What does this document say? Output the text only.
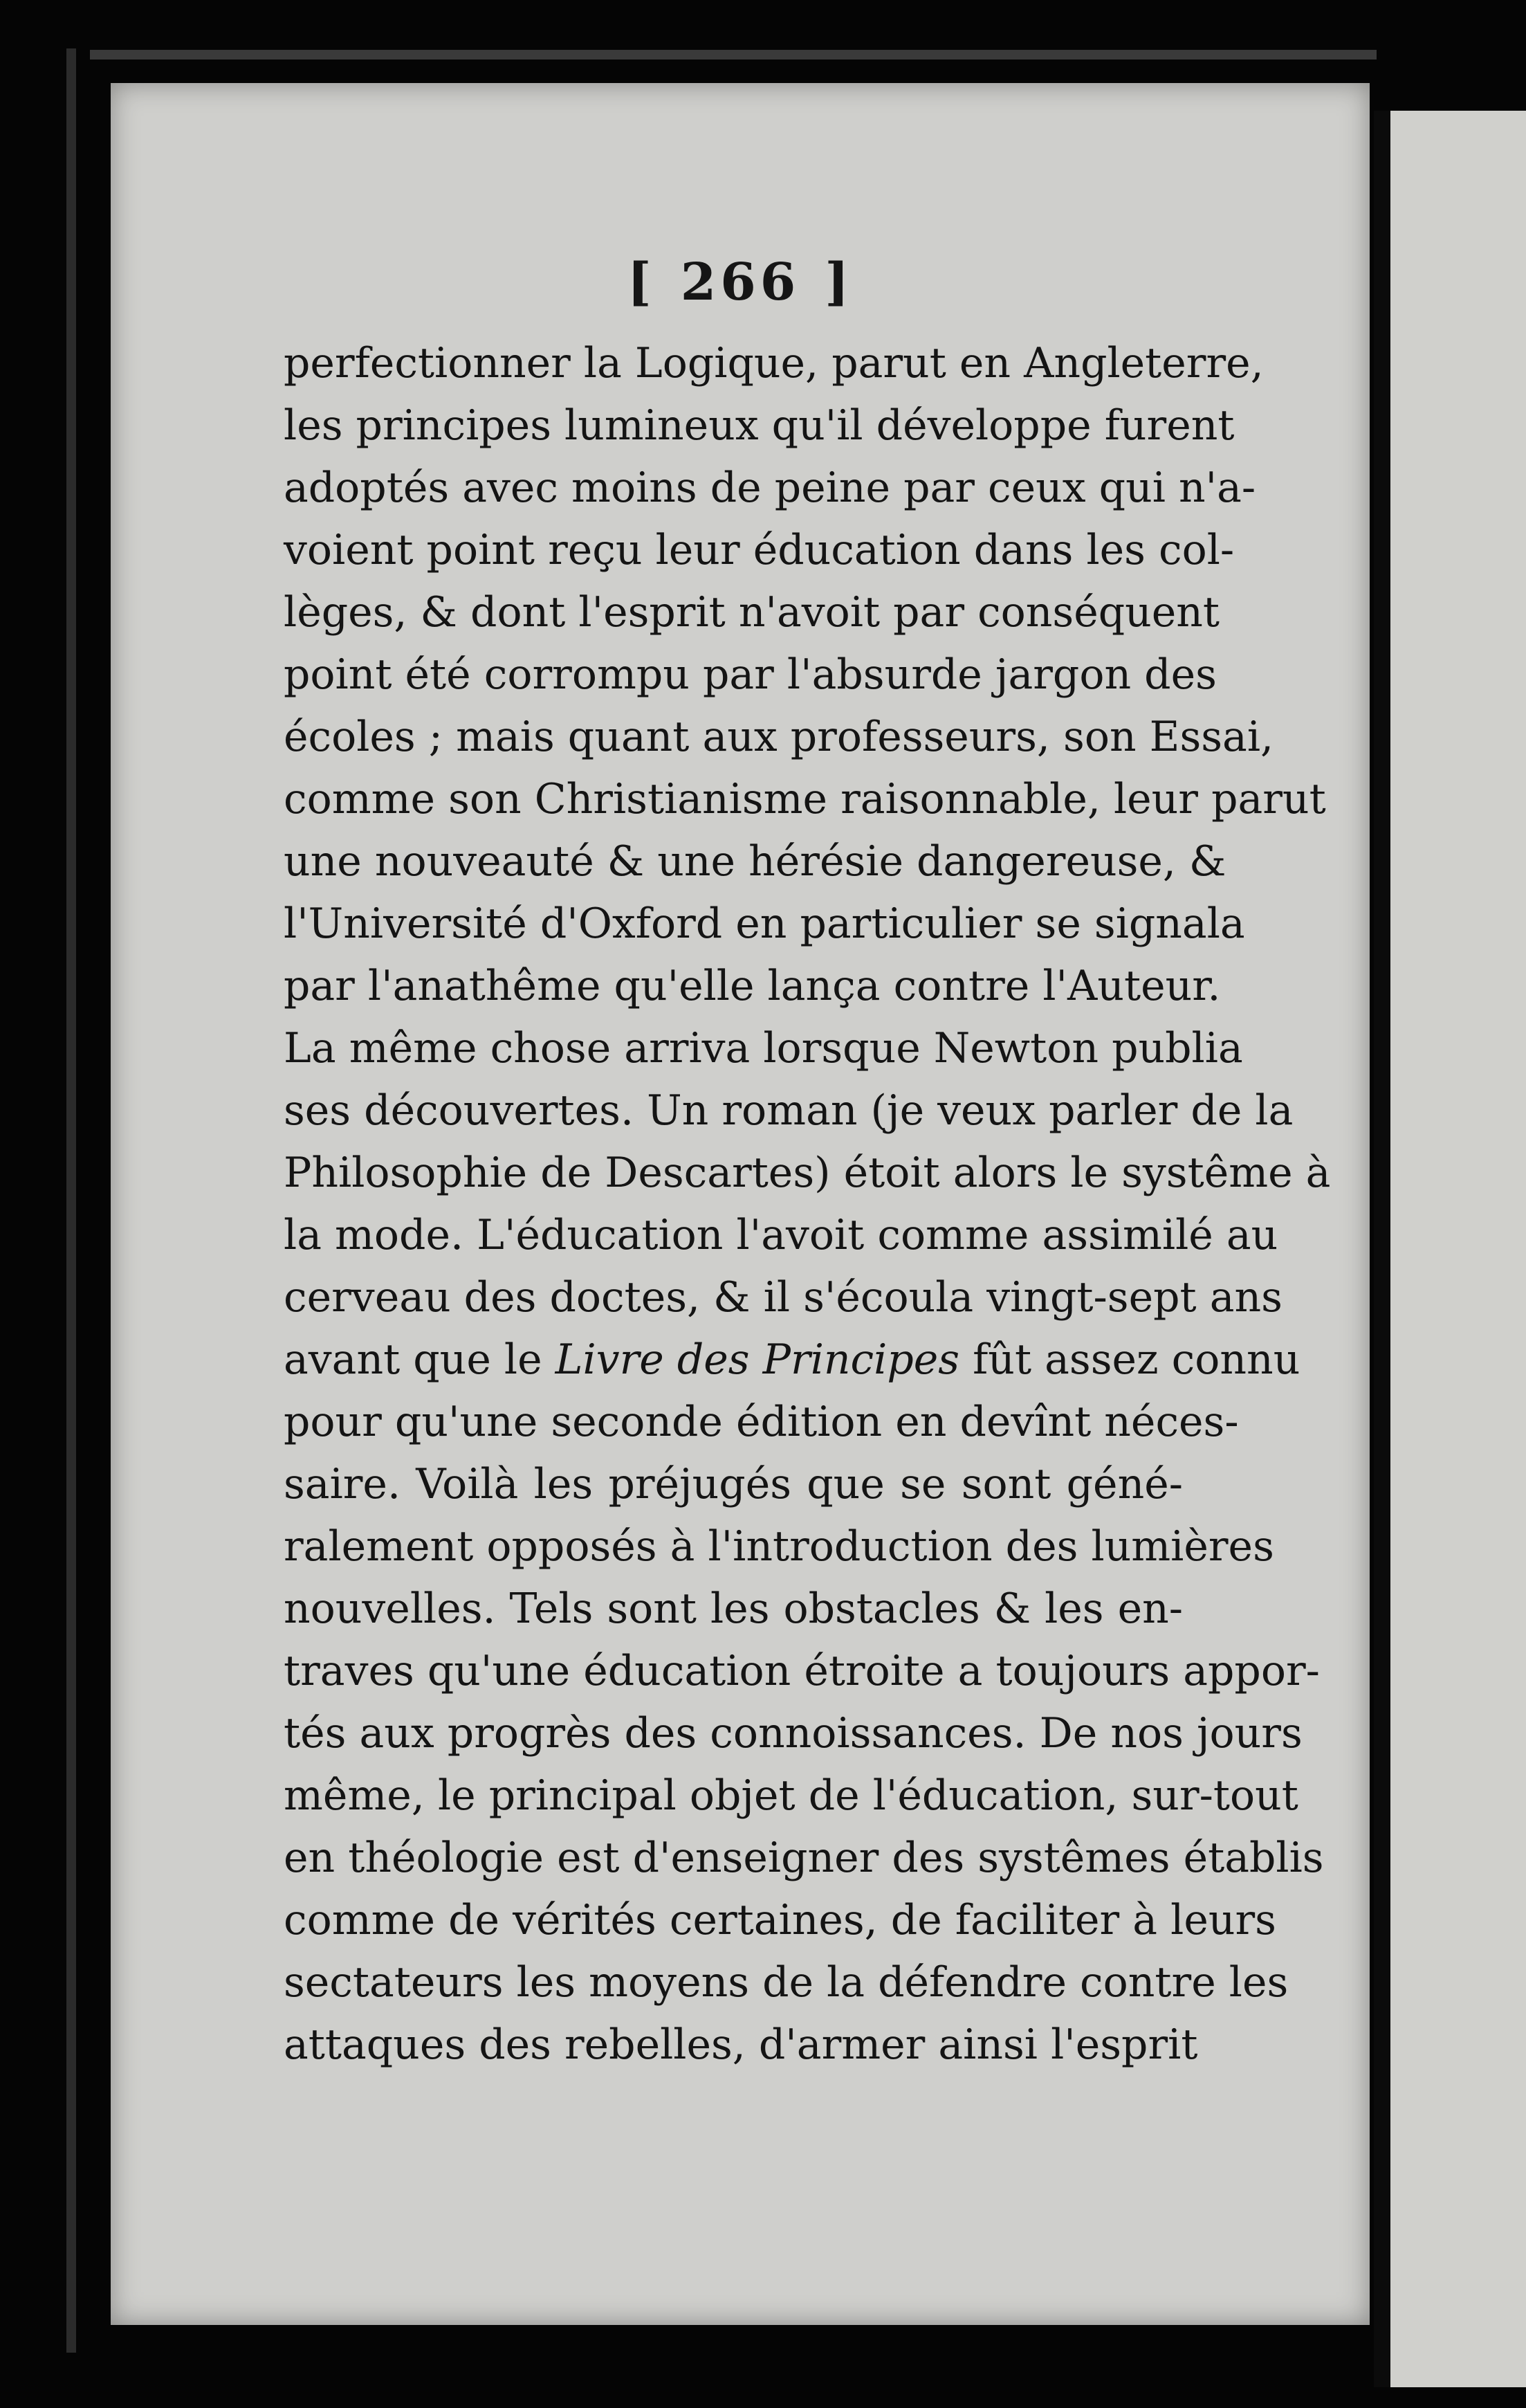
[ 266 ]
perfectionner la Logique, parut en Angleterre,
les principes lumineux qu'il développe furent
adoptés avec moins de peine par ceux qui n'a-
voient point reçu leur éducation dans les col-
lèges, & dont l'esprit n'avoit par conséquent
point été corrompu par l'absurde jargon des
écoles ; mais quant aux professeurs, son Essai,
comme son Christianisme raisonnable, leur parut
une nouveauté & une hérésie dangereuse, &
l'Université d'Oxford en particulier se signala
par l'anathême qu'elle lança contre l'Auteur.
La même chose arriva lorsque Newton publia
ses découvertes. Un roman (je veux parler de la
Philosophie de Descartes) étoit alors le systême à
la mode. L'éducation l'avoit comme assimilé au
cerveau des doctes, & il s'écoula vingt-sept ans
avant que le Livre des Principes fût assez connu
pour qu'une seconde édition en devînt néces-
saire. Voilà les préjugés que se sont géné-
ralement opposés à l'introduction des lumières
nouvelles. Tels sont les obstacles & les en-
traves qu'une éducation étroite a toujours appor-
tés aux progrès des connoissances. De nos jours
même, le principal objet de l'éducation, sur-tout
en théologie est d'enseigner des systêmes établis
comme de vérités certaines, de faciliter à leurs
sectateurs les moyens de la défendre contre les
attaques des rebelles, d'armer ainsi l'esprit
